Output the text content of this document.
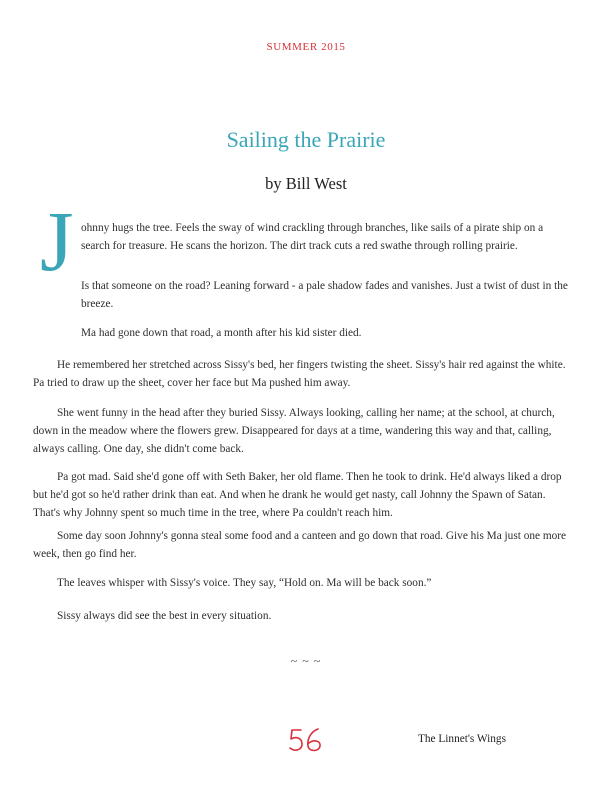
SUMMER 2015
Sailing the Prairie
by Bill West
J ohnny hugs the tree. Feels the sway of wind crackling through branches, like sails of a pirate ship on a search for treasure. He scans the horizon. The dirt track cuts a red swathe through rolling prairie.

Is that someone on the road? Leaning forward - a pale shadow fades and vanishes. Just a twist of dust in the breeze.

Ma had gone down that road, a month after his kid sister died.

He remembered her stretched across Sissy's bed, her fingers twisting the sheet. Sissy's hair red against the white. Pa tried to draw up the sheet, cover her face but Ma pushed him away.

She went funny in the head after they buried Sissy. Always looking, calling her name; at the school, at church, down in the meadow where the flowers grew. Disappeared for days at a time, wandering this way and that, calling, always calling. One day, she didn't come back.

Pa got mad. Said she'd gone off with Seth Baker, her old flame. Then he took to drink. He'd always liked a drop but he'd got so he'd rather drink than eat. And when he drank he would get nasty, call Johnny the Spawn of Satan. That's why Johnny spent so much time in the tree, where Pa couldn't reach him.

Some day soon Johnny's gonna steal some food and a canteen and go down that road. Give his Ma just one more week, then go find her.

The leaves whisper with Sissy's voice. They say, “Hold on. Ma will be back soon.”

Sissy always did see the best in every situation.

~ ~ ~
The Linnet's Wings
